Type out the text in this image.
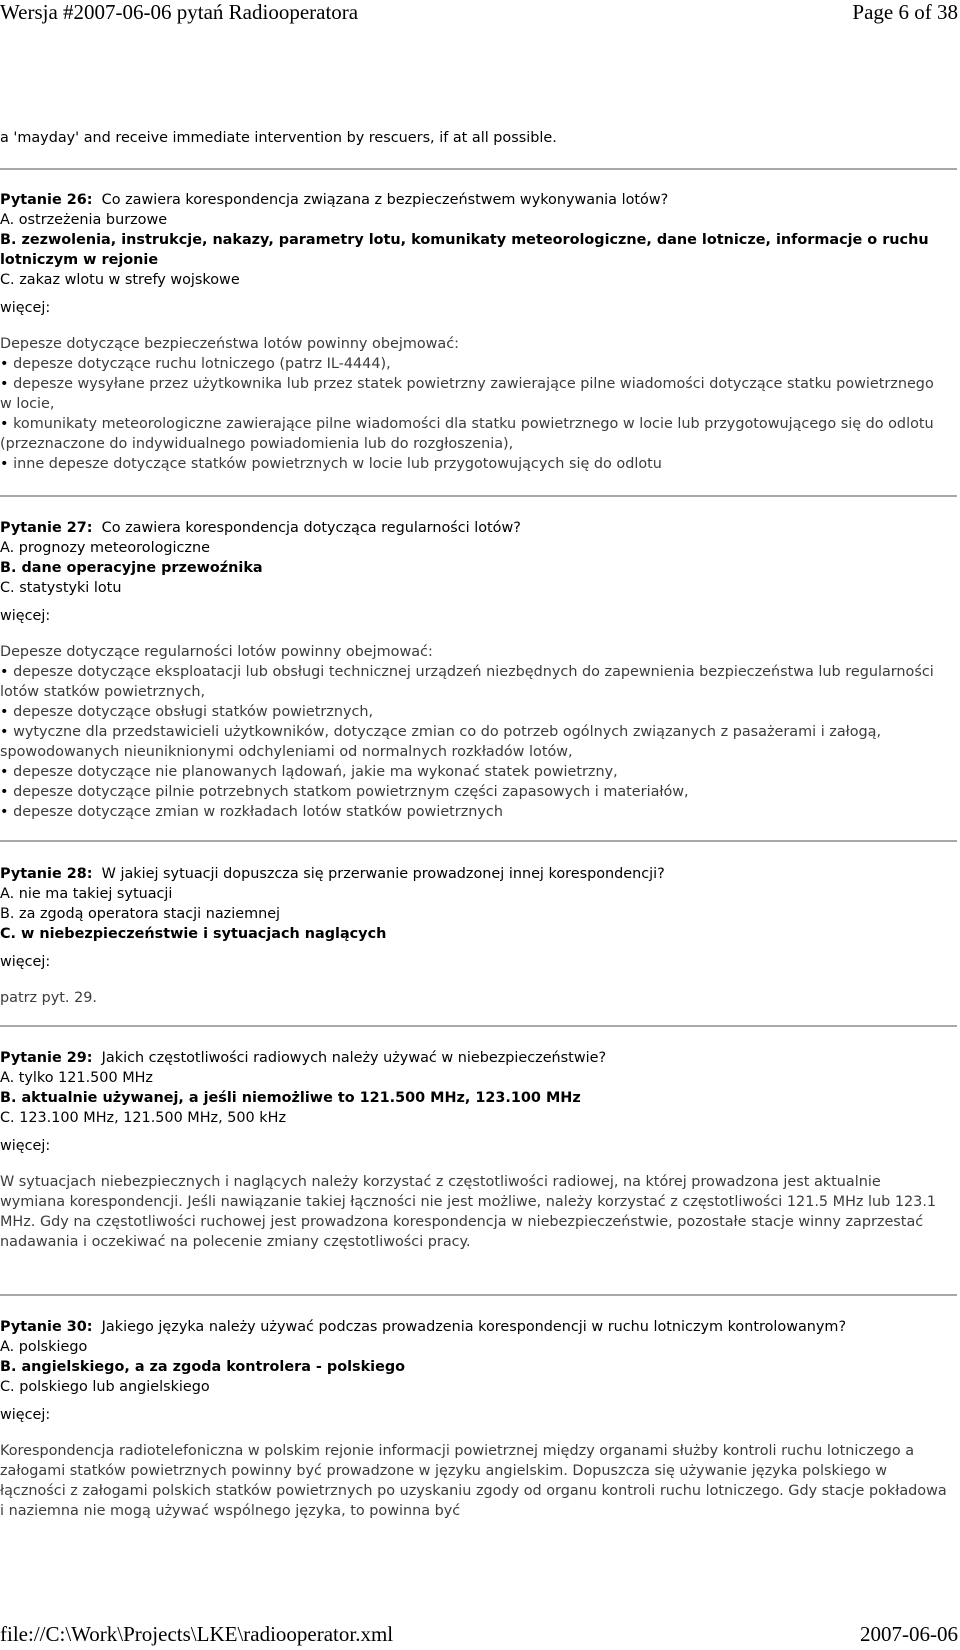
Wersja #2007-06-06 pytań Radiooperatora	Page 6 of 38
a 'mayday' and receive immediate intervention by rescuers, if at all possible.
Pytanie 26: Co zawiera korespondencja związana z bezpieczeństwem wykonywania lotów?
A. ostrzeżenia burzowe
B. zezwolenia, instrukcje, nakazy, parametry lotu, komunikaty meteorologiczne, dane lotnicze, informacje o ruchu lotniczym w rejonie
C. zakaz wlotu w strefy wojskowe
więcej:
Depesze dotyczące bezpieczeństwa lotów powinny obejmować:
• depesze dotyczące ruchu lotniczego (patrz IL-4444),
• depesze wysyłane przez użytkownika lub przez statek powietrzny zawierające pilne wiadomości dotyczące statku powietrznego w locie,
• komunikaty meteorologiczne zawierające pilne wiadomości dla statku powietrznego w locie lub przygotowującego się do odlotu (przeznaczone do indywidualnego powiadomienia lub do rozgłoszenia),
• inne depesze dotyczące statków powietrznych w locie lub przygotowujących się do odlotu
Pytanie 27: Co zawiera korespondencja dotycząca regularności lotów?
A. prognozy meteorologiczne
B. dane operacyjne przewoźnika
C. statystyki lotu
więcej:
Depesze dotyczące regularności lotów powinny obejmować:
• depesze dotyczące eksploatacji lub obsługi technicznej urządzeń niezbędnych do zapewnienia bezpieczeństwa lub regularności lotów statków powietrznych,
• depesze dotyczące obsługi statków powietrznych,
• wytyczne dla przedstawicieli użytkowników, dotyczące zmian co do potrzeb ogólnych związanych z pasażerami i załogą, spowodowanych nieuniknionymi odchyleniami od normalnych rozkładów lotów,
• depesze dotyczące nie planowanych lądowań, jakie ma wykonać statek powietrzny,
• depesze dotyczące pilnie potrzebnych statkom powietrznym części zapasowych i materiałów,
• depesze dotyczące zmian w rozkładach lotów statków powietrznych
Pytanie 28: W jakiej sytuacji dopuszcza się przerwanie prowadzonej innej korespondencji?
A. nie ma takiej sytuacji
B. za zgodą operatora stacji naziemnej
C. w niebezpieczeństwie i sytuacjach naglących
więcej:
patrz pyt. 29.
Pytanie 29: Jakich częstotliwości radiowych należy używać w niebezpieczeństwie?
A. tylko 121.500 MHz
B. aktualnie używanej, a jeśli niemożliwe to 121.500 MHz, 123.100 MHz
C. 123.100 MHz, 121.500 MHz, 500 kHz
więcej:
W sytuacjach niebezpiecznych i naglących należy korzystać z częstotliwości radiowej, na której prowadzona jest aktualnie wymiana korespondencji. Jeśli nawiązanie takiej łączności nie jest możliwe, należy korzystać z częstotliwości 121.5 MHz lub 123.1 MHz. Gdy na częstotliwości ruchowej jest prowadzona korespondencja w niebezpieczeństwie, pozostałe stacje winny zaprzestać nadawania i oczekiwać na polecenie zmiany częstotliwości pracy.
Pytanie 30: Jakiego języka należy używać podczas prowadzenia korespondencji w ruchu lotniczym kontrolowanym?
A. polskiego
B. angielskiego, a za zgoda kontrolera - polskiego
C. polskiego lub angielskiego
więcej:
Korespondencja radiotelefoniczna w polskim rejonie informacji powietrznej między organami służby kontroli ruchu lotniczego a załogami statków powietrznych powinny być prowadzone w języku angielskim. Dopuszcza się używanie języka polskiego w łączności z załogami polskich statków powietrznych po uzyskaniu zgody od organu kontroli ruchu lotniczego. Gdy stacje pokładowa i naziemna nie mogą używać wspólnego języka, to powinna być
file://C:\Work\Projects\LKE\radiooperator.xml	2007-06-06
